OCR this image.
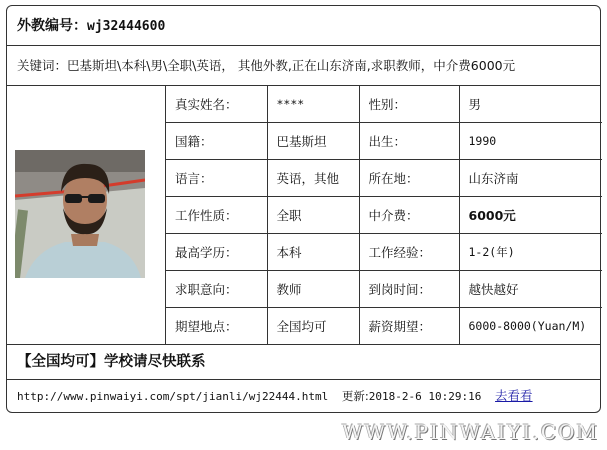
外教编号：wj32444600
关键词：巴基斯坦\本科\男\全职\英语， 其他外教,正在山东济南,求职教师，中介费6000元
真实姓名：	****	性别：	男
国籍：	巴基斯坦	出生：	1990
语言：	英语，其他	所在地：	山东济南
工作性质：	全职	中介费：	6000元
最高学历：	本科	工作经验：	1-2(年)
求职意向：	教师	到岗时间：	越快越好
期望地点：	全国均可	薪资期望：	6000-8000(Yuan/M)
【全国均可】学校请尽快联系
http://www.pinwaiyi.com/spt/jianli/wj22444.html 更新:2018-2-6 10:29:16 去看看
WWW.PINWAIYI.COM
